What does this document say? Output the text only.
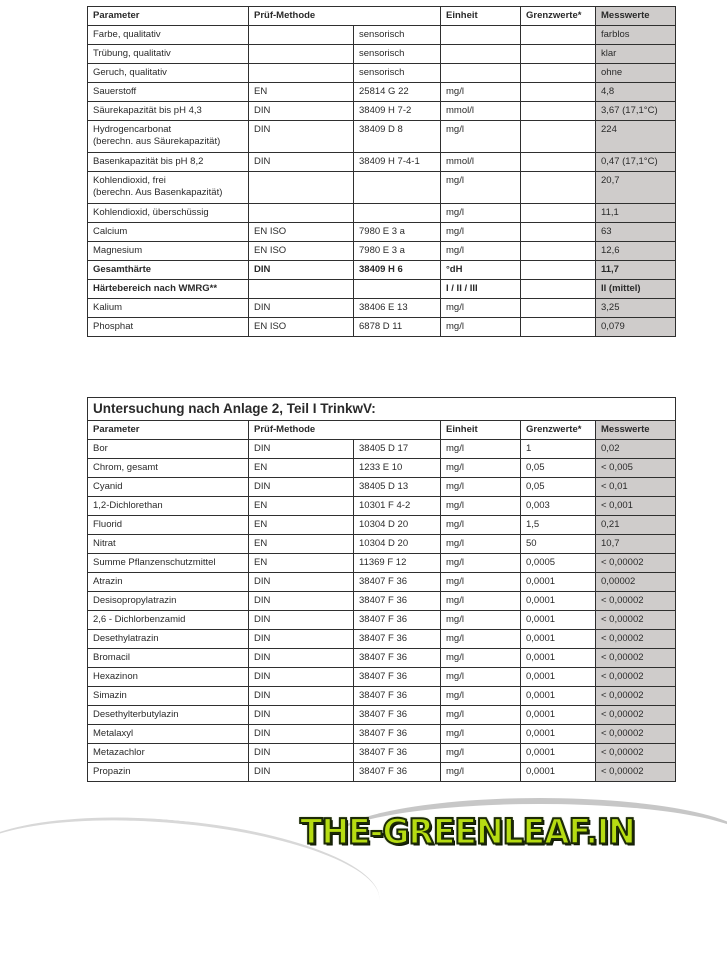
Parameter	Prüf-Methode		Einheit	Grenzwerte*	Messwerte
Farbe, qualitativ		sensorisch			farblos
Trübung, qualitativ		sensorisch			klar
Geruch, qualitativ		sensorisch			ohne
Sauerstoff	EN	25814 G 22	mg/l		4,8
Säurekapazität bis pH 4,3	DIN	38409 H 7-2	mmol/l		3,67 (17,1°C)

Hydrogencarbonat
(berechn. aus Säurekapazität)	DIN	38409 D 8	mg/l		224
Basenkapazität bis pH 8,2	DIN	38409 H 7-4-1	mmol/l		0,47 (17,1°C)

Kohlendioxid, frei
(berechn. Aus Basenkapazität)			mg/l		20,7
Kohlendioxid, überschüssig			mg/l		11,1
Calcium	EN ISO	7980 E 3 a	mg/l		63
Magnesium	EN ISO	7980 E 3 a	mg/l		12,6
Gesamthärte	DIN	38409 H 6	°dH		11,7
Härtebereich nach WMRG**			I / II / III		II (mittel)
Kalium	DIN	38406 E 13	mg/l		3,25
Phosphat	EN ISO	6878 D 11	mg/l		0,079
Untersuchung nach Anlage 2, Teil I TrinkwV:					
Parameter	Prüf-Methode		Einheit	Grenzwerte*	Messwerte
Bor	DIN	38405 D 17	mg/l	1	0,02
Chrom, gesamt	EN	1233 E 10	mg/l	0,05	< 0,005
Cyanid	DIN	38405 D 13	mg/l	0,05	< 0,01
1,2-Dichlorethan	EN	10301 F 4-2	mg/l	0,003	< 0,001
Fluorid	EN	10304 D 20	mg/l	1,5	0,21
Nitrat	EN	10304 D 20	mg/l	50	10,7
Summe Pflanzenschutzmittel	EN	11369 F 12	mg/l	0,0005	< 0,00002
Atrazin	DIN	38407 F 36	mg/l	0,0001	0,00002
Desisopropylatrazin	DIN	38407 F 36	mg/l	0,0001	< 0,00002
2,6 - Dichlorbenzamid	DIN	38407 F 36	mg/l	0,0001	< 0,00002
Desethylatrazin	DIN	38407 F 36	mg/l	0,0001	< 0,00002
Bromacil	DIN	38407 F 36	mg/l	0,0001	< 0,00002
Hexazinon	DIN	38407 F 36	mg/l	0,0001	< 0,00002
Simazin	DIN	38407 F 36	mg/l	0,0001	< 0,00002
Desethylterbutylazin	DIN	38407 F 36	mg/l	0,0001	< 0,00002
Metalaxyl	DIN	38407 F 36	mg/l	0,0001	< 0,00002
Metazachlor	DIN	38407 F 36	mg/l	0,0001	< 0,00002
Propazin	DIN	38407 F 36	mg/l	0,0001	< 0,00002
THE-GREENLEAF.IN
